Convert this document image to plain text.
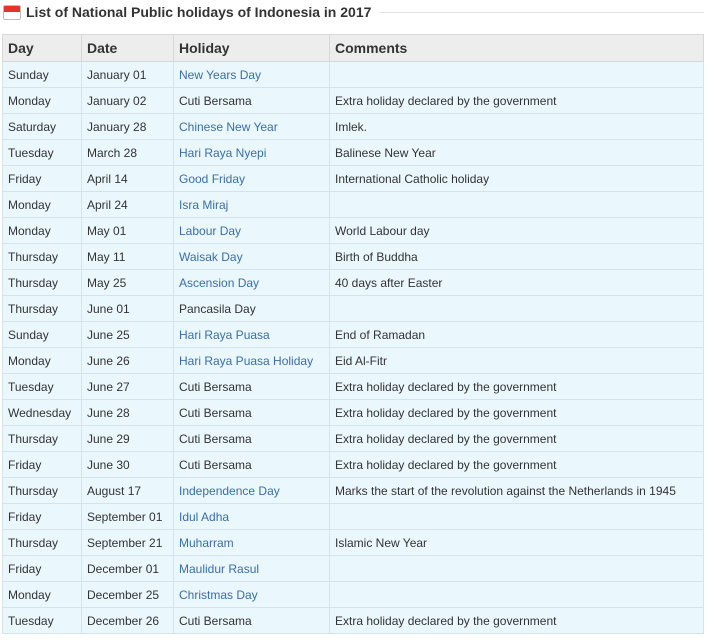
List of National Public holidays of Indonesia in 2017
Day	Date	Holiday	Comments
Sunday	January 01	New Years Day	
Monday	January 02	Cuti Bersama	Extra holiday declared by the government
Saturday	January 28	Chinese New Year	Imlek.
Tuesday	March 28	Hari Raya Nyepi	Balinese New Year
Friday	April 14	Good Friday	International Catholic holiday
Monday	April 24	Isra Miraj	
Monday	May 01	Labour Day	World Labour day
Thursday	May 11	Waisak Day	Birth of Buddha
Thursday	May 25	Ascension Day	40 days after Easter
Thursday	June 01	Pancasila Day	
Sunday	June 25	Hari Raya Puasa	End of Ramadan
Monday	June 26	Hari Raya Puasa Holiday	Eid Al-Fitr
Tuesday	June 27	Cuti Bersama	Extra holiday declared by the government
Wednesday	June 28	Cuti Bersama	Extra holiday declared by the government
Thursday	June 29	Cuti Bersama	Extra holiday declared by the government
Friday	June 30	Cuti Bersama	Extra holiday declared by the government
Thursday	August 17	Independence Day	Marks the start of the revolution against the Netherlands in 1945
Friday	September 01	Idul Adha	
Thursday	September 21	Muharram	Islamic New Year
Friday	December 01	Maulidur Rasul	
Monday	December 25	Christmas Day	
Tuesday	December 26	Cuti Bersama	Extra holiday declared by the government
